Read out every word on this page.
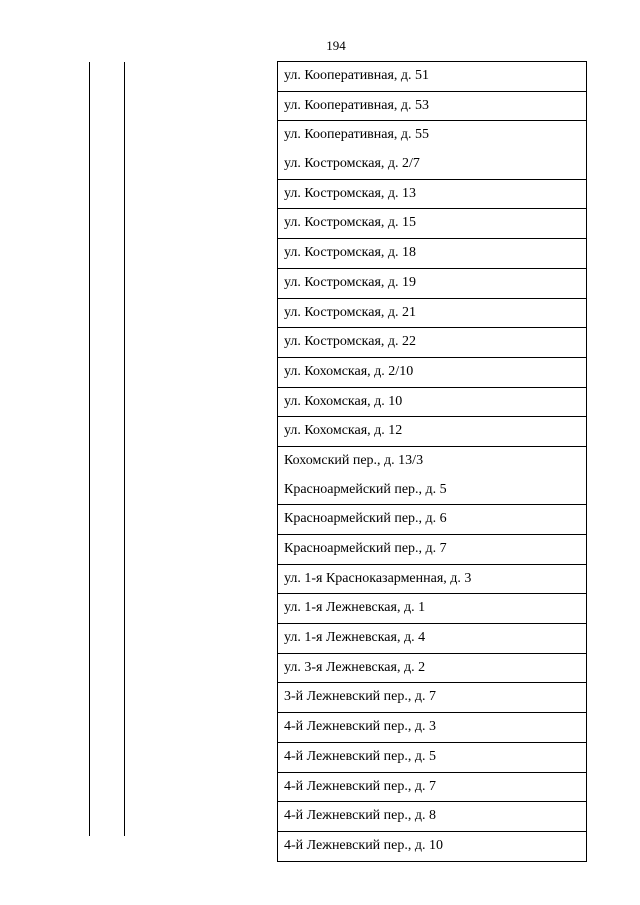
194
ул. Кооперативная, д. 51
ул. Кооперативная, д. 53
ул. Кооперативная, д. 55
ул. Костромская, д. 2/7
ул. Костромская, д. 13
ул. Костромская, д. 15
ул. Костромская, д. 18
ул. Костромская, д. 19
ул. Костромская, д. 21
ул. Костромская, д. 22
ул. Кохомская, д. 2/10
ул. Кохомская, д. 10
ул. Кохомская, д. 12
Кохомский пер., д. 13/3
Красноармейский пер., д. 5
Красноармейский пер., д. 6
Красноармейский пер., д. 7
ул. 1-я Красноказарменная, д. 3
ул. 1-я Лежневская, д. 1
ул. 1-я Лежневская, д. 4
ул. 3-я Лежневская, д. 2
3-й Лежневский пер., д. 7
4-й Лежневский пер., д. 3
4-й Лежневский пер., д. 5
4-й Лежневский пер., д. 7
4-й Лежневский пер., д. 8
4-й Лежневский пер., д. 10
